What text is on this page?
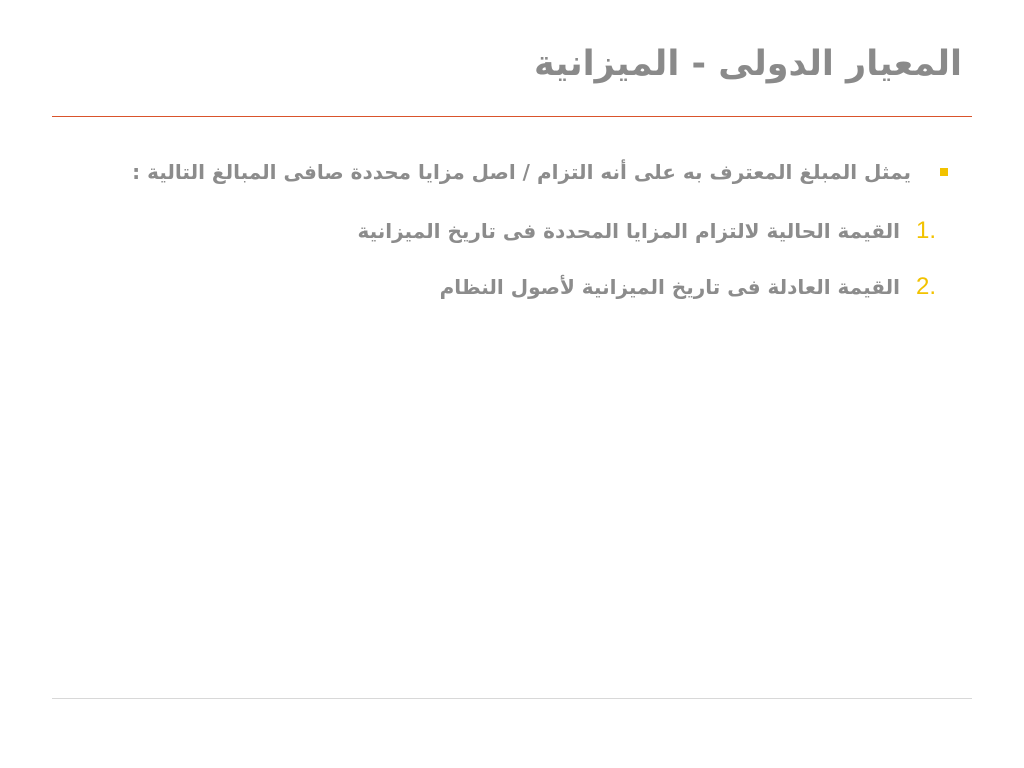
المعيار الدولى - الميزانية
يمثل المبلغ المعترف به على أنه التزام / اصل مزايا محددة صافى المبالغ التالية :
1.
القيمة الحالية لالتزام المزايا المحددة فى تاريخ الميزانية
2.
القيمة العادلة فى تاريخ الميزانية لأصول النظام
